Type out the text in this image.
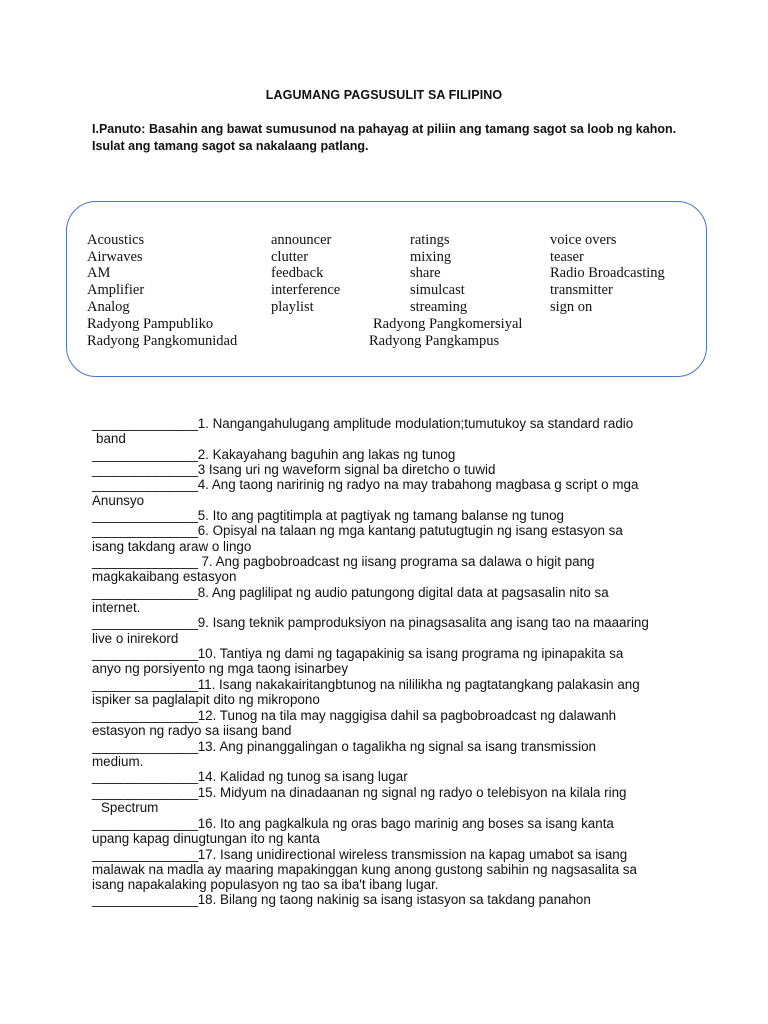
LAGUMANG PAGSUSULIT SA FILIPINO
I.Panuto: Basahin ang bawat sumusunod na pahayag at piliin ang tamang sagot sa loob ng kahon.
Isulat ang tamang sagot sa nakalaang patlang.
Acoustics
Airwaves
AM
Amplifier
Analog
announcer
clutter
feedback
interference
playlist
ratings
mixing
share
simulcast
streaming
voice overs
teaser
Radio Broadcasting
transmitter
sign on
Radyong Pampubliko	Radyong Pangkomersiyal
Radyong Pangkomunidad	Radyong Pangkampus
_______________1. Nangangahulugang amplitude modulation;tumutukoy sa standard radio
band
_______________2. Kakayahang baguhin ang lakas ng tunog
_______________3 Isang uri ng waveform signal ba diretcho o tuwid
_______________4. Ang taong naririnig ng radyo na may trabahong magbasa g script o mga
Anunsyo
_______________5. Ito ang pagtitimpla at pagtiyak ng tamang balanse ng tunog
_______________6. Opisyal na talaan ng mga kantang patutugtugin ng isang estasyon sa
isang takdang araw o lingo
_______________ 7. Ang pagbobroadcast ng iisang programa sa dalawa o higit pang
magkakaibang estasyon
_______________8. Ang paglilipat ng audio patungong digital data at pagsasalin nito sa
internet.
_______________9. Isang teknik pamproduksiyon na pinagsasalita ang isang tao na maaaring
live o inirekord
_______________10. Tantiya ng dami ng tagapakinig sa isang programa ng ipinapakita sa
anyo ng porsiyento ng mga taong isinarbey
_______________11. Isang nakakairitangbtunog na nililikha ng pagtatangkang palakasin ang
ispiker sa paglalapit dito ng mikropono
_______________12. Tunog na tila may naggigisa dahil sa pagbobroadcast ng dalawanh
estasyon ng radyo sa iisang band
_______________13. Ang pinanggalingan o tagalikha ng signal sa isang transmission
medium.
_______________14. Kalidad ng tunog sa isang lugar
_______________15. Midyum na dinadaanan ng signal ng radyo o telebisyon na kilala ring
Spectrum
_______________16. Ito ang pagkalkula ng oras bago marinig ang boses sa isang kanta
upang kapag dinugtungan ito ng kanta
_______________17. Isang unidirectional wireless transmission na kapag umabot sa isang
malawak na madla ay maaring mapakinggan kung anong gustong sabihin ng nagsasalita sa
isang napakalaking populasyon ng tao sa iba't ibang lugar.
_______________18. Bilang ng taong nakinig sa isang istasyon sa takdang panahon
